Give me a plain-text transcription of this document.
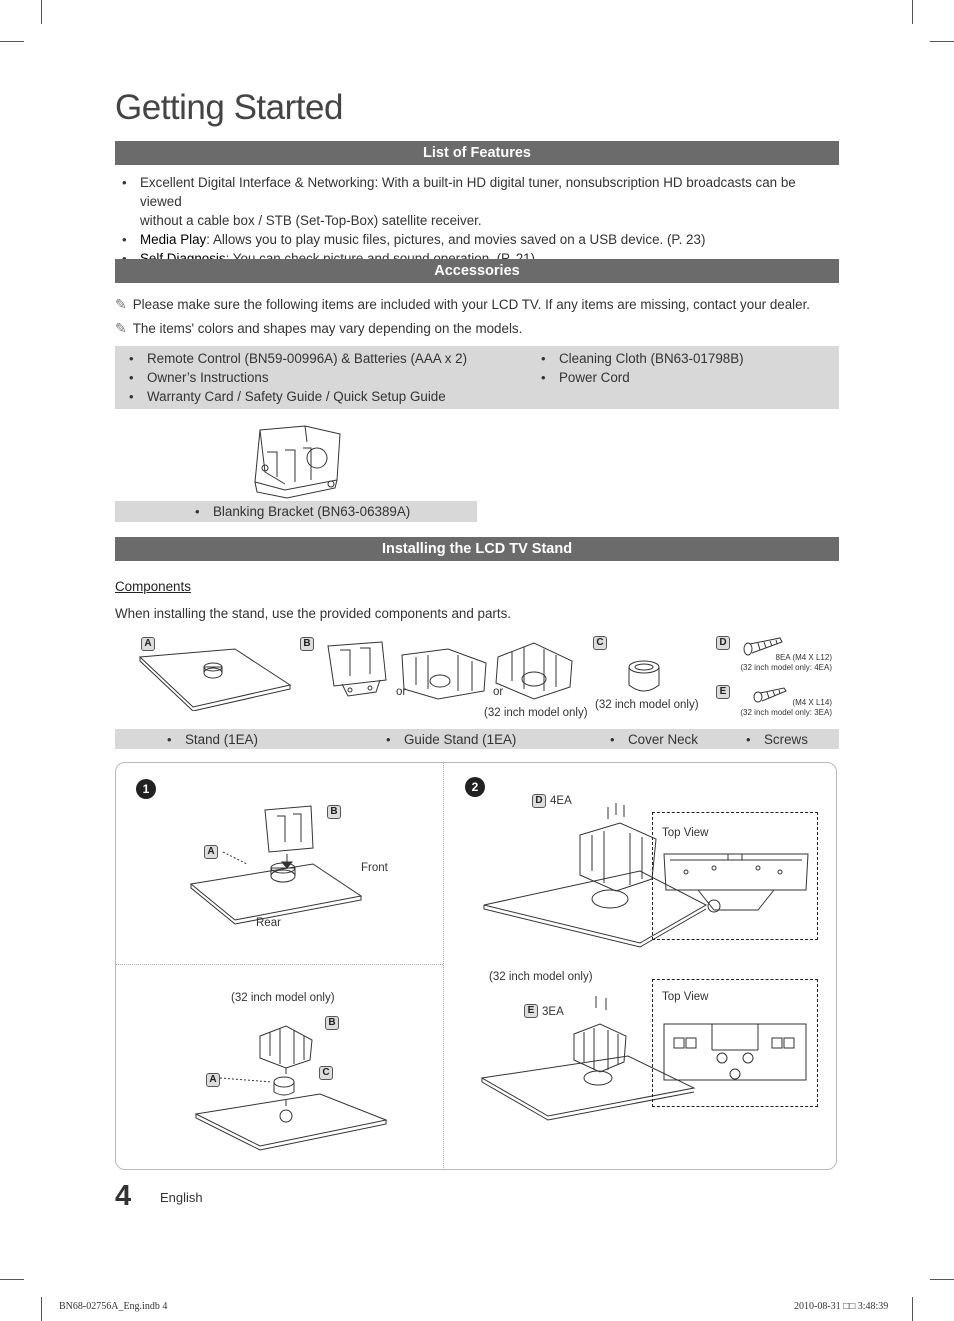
Getting Started
List of Features
• Excellent Digital Interface & Networking: With a built-in HD digital tuner, nonsubscription HD broadcasts can be viewed
without a cable box / STB (Set-Top-Box) satellite receiver.
• Media Play: Allows you to play music files, pictures, and movies saved on a USB device. (P. 23)
•
Accessories
✎ Please make sure the following items are included with your LCD TV. If any items are missing, contact your dealer.
✎ The items' colors and shapes may vary depending on the models.
• Remote Control (BN59-00996A) & Batteries (AAA x 2)
• Owner’s Instructions
• Warranty Card / Safety Guide / Quick Setup Guide
• Cleaning Cloth (BN63-01798B)
• Power Cord
• Blanking Bracket (BN63-06389A)
Installing the LCD TV Stand
Components
When installing the stand, use the provided components and parts.
A	B	C	D
E
or	or
(32 inch model only)
(32 inch model only)
8EA (M4 X L12)
(32 inch model only: 4EA)
(M4 X L14)
(32 inch model only: 3EA)
• Stand (1EA)	• Guide Stand (1EA)	• Cover Neck	• Screws
1	2
B
A
Front
Rear
(32 inch model only)
B
C
A
D 4EA
Top View
(32 inch model only)
E 3EA
Top View
4 English
BN68-02756A_Eng.indb 4	2010-08-31 □□ 3:48:39
